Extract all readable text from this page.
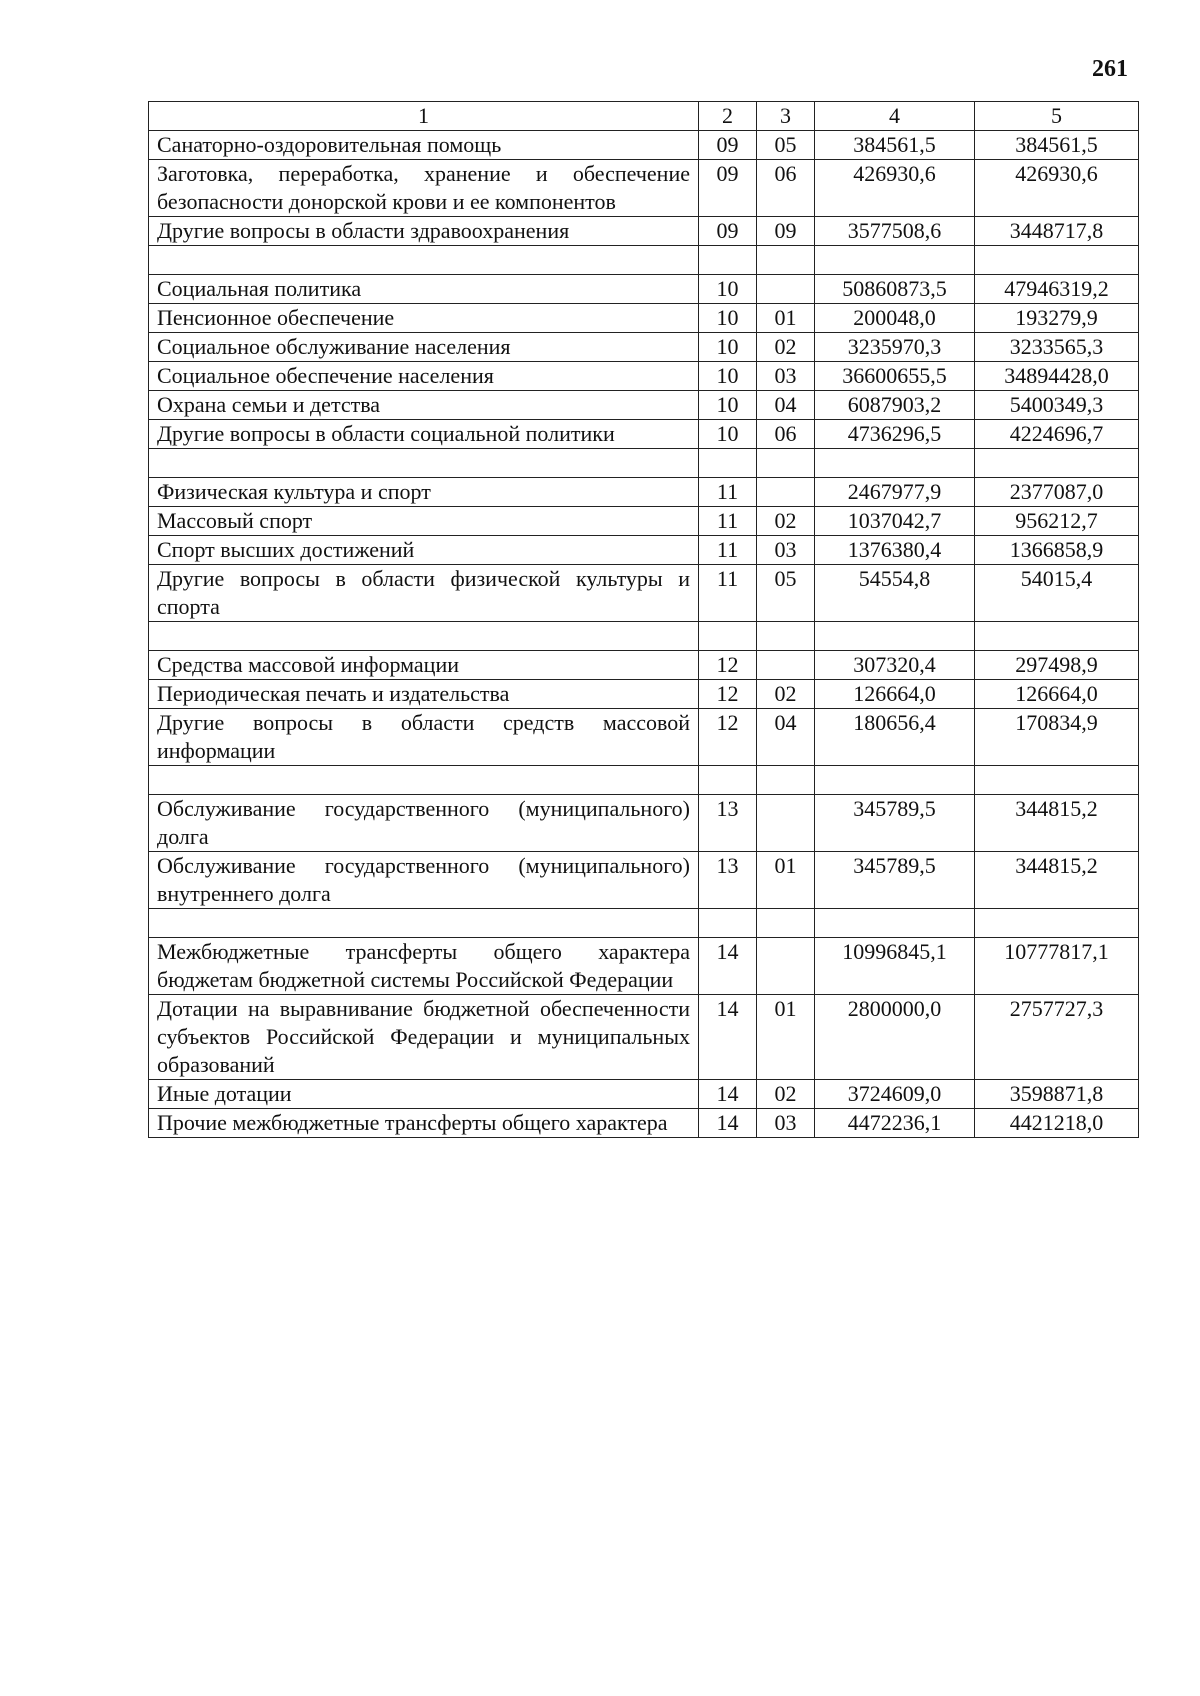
261
1	2	3	4	5
Санаторно-оздоровительная помощь	09	05	384561,5	384561,5
Заготовка, переработка, хранение и обеспечение безопасности донорской крови и ее компонентов	09	06	426930,6	426930,6
Другие вопросы в области здравоохранения	09	09	3577508,6	3448717,8

Социальная политика	10		50860873,5	47946319,2
Пенсионное обеспечение	10	01	200048,0	193279,9
Социальное обслуживание населения	10	02	3235970,3	3233565,3
Социальное обеспечение населения	10	03	36600655,5	34894428,0
Охрана семьи и детства	10	04	6087903,2	5400349,3
Другие вопросы в области социальной политики	10	06	4736296,5	4224696,7

Физическая культура и спорт	11		2467977,9	2377087,0
Массовый спорт	11	02	1037042,7	956212,7
Спорт высших достижений	11	03	1376380,4	1366858,9
Другие вопросы в области физической культуры и спорта	11	05	54554,8	54015,4

Средства массовой информации	12		307320,4	297498,9
Периодическая печать и издательства	12	02	126664,0	126664,0
Другие вопросы в области средств массовой информации	12	04	180656,4	170834,9

Обслуживание государственного (муниципального) долга	13		345789,5	344815,2
Обслуживание государственного (муниципального) внутреннего долга	13	01	345789,5	344815,2

Межбюджетные трансферты общего характера бюджетам бюджетной системы Российской Федерации	14		10996845,1	10777817,1
Дотации на выравнивание бюджетной обеспеченности субъектов Российской Федерации и муниципальных образований	14	01	2800000,0	2757727,3
Иные дотации	14	02	3724609,0	3598871,8
Прочие межбюджетные трансферты общего характера	14	03	4472236,1	4421218,0
